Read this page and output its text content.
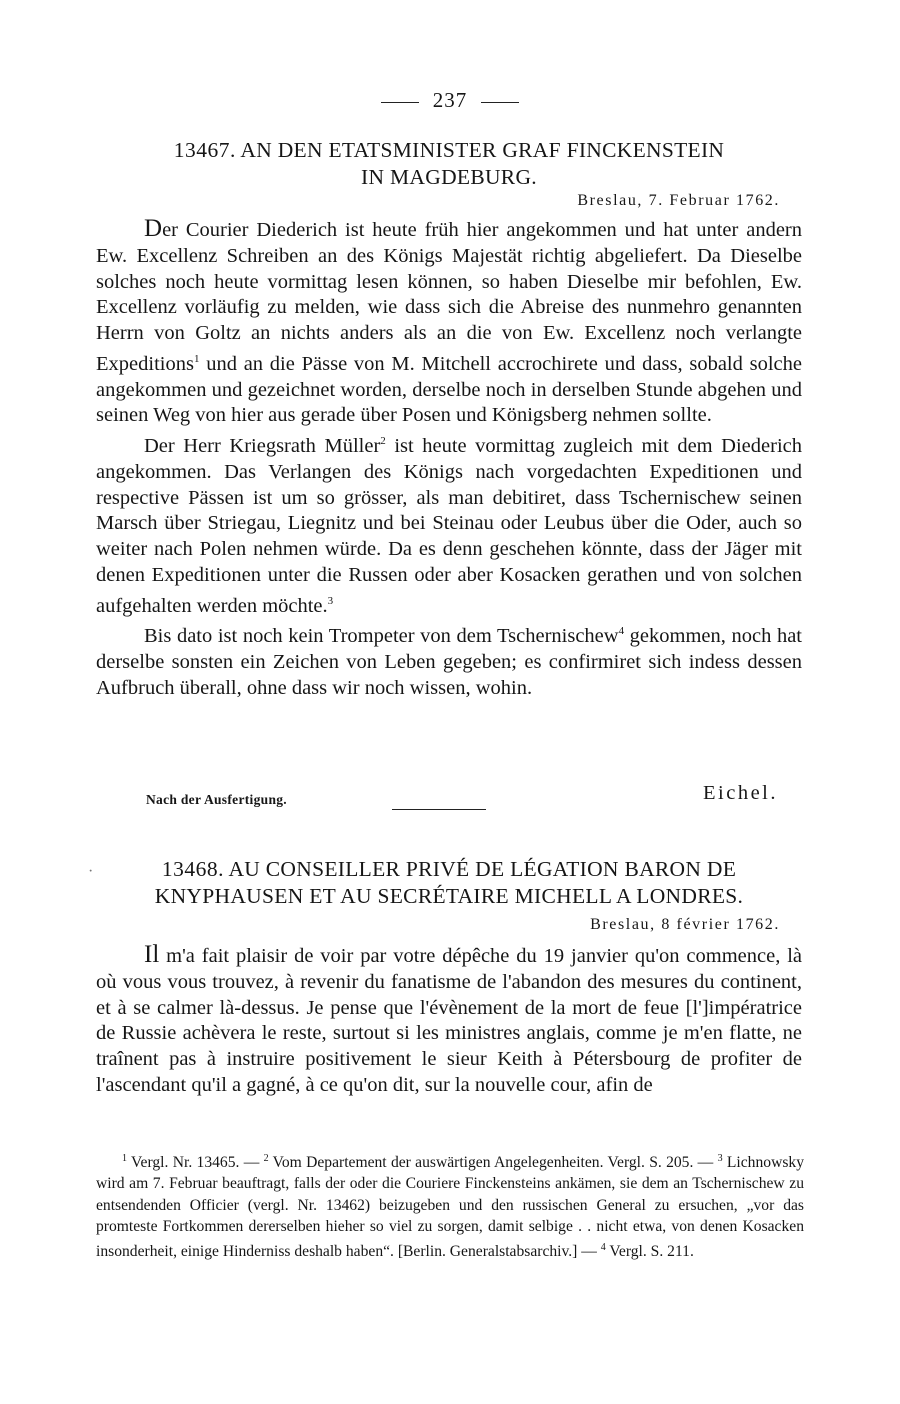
237
13467. AN DEN ETATSMINISTER GRAF FINCKENSTEIN
IN MAGDEBURG.
Breslau, 7. Februar 1762.

Der Courier Diederich ist heute früh hier angekommen und hat unter andern Ew. Excellenz Schreiben an des Königs Majestät richtig abgeliefert. Da Dieselbe solches noch heute vormittag lesen können, so haben Dieselbe mir befohlen, Ew. Excellenz vorläufig zu melden, wie dass sich die Abreise des nunmehro genannten Herrn von Goltz an nichts anders als an die von Ew. Excellenz noch verlangte Expeditions$^1$ und an die Pässe von M. Mitchell accrochirete und dass, sobald solche angekommen und gezeichnet worden, derselbe noch in derselben Stunde abgehen und seinen Weg von hier aus gerade über Posen und Königsberg nehmen sollte.

Der Herr Kriegsrath Müller$^2$ ist heute vormittag zugleich mit dem Diederich angekommen. Das Verlangen des Königs nach vorgedachten Expeditionen und respective Pässen ist um so grösser, als man debitiret, dass Tschernischew seinen Marsch über Striegau, Liegnitz und bei Steinau oder Leubus über die Oder, auch so weiter nach Polen nehmen würde. Da es denn geschehen könnte, dass der Jäger mit denen Expeditionen unter die Russen oder aber Kosacken gerathen und von solchen aufgehalten werden möchte.$^3$

Bis dato ist noch kein Trompeter von dem Tschernischew$^4$ gekommen, noch hat derselbe sonsten ein Zeichen von Leben gegeben; es confirmiret sich indess dessen Aufbruch überall, ohne dass wir noch wissen, wohin.

Nach der Ausfertigung.	Eichel.
·	13468. AU CONSEILLER PRIVÉ DE LÉGATION BARON DE
KNYPHAUSEN ET AU SECRÉTAIRE MICHELL A LONDRES.
Breslau, 8 février 1762.

Il m'a fait plaisir de voir par votre dépêche du 19 janvier qu'on commence, là où vous vous trouvez, à revenir du fanatisme de l'abandon des mesures du continent, et à se calmer là-dessus. Je pense que l'évènement de la mort de feue [l']impératrice de Russie achèvera le reste, surtout si les ministres anglais, comme je m'en flatte, ne traînent pas à instruire positivement le sieur Keith à Pétersbourg de profiter de l'ascendant qu'il a gagné, à ce qu'on dit, sur la nouvelle cour, afin de

$^1$ Vergl. Nr. 13465. — $^2$ Vom Departement der auswärtigen Angelegenheiten. Vergl. S. 205. — $^3$ Lichnowsky wird am 7. Februar beauftragt, falls der oder die Couriere Finckensteins ankämen, sie dem an Tschernischew zu entsendenden Officier (vergl. Nr. 13462) beizugeben und den russischen General zu ersuchen, „vor das promteste Fortkommen dererselben hieher so viel zu sorgen, damit selbige . . nicht etwa, von denen Kosacken insonderheit, einige Hinderniss deshalb haben“. [Berlin. Generalstabsarchiv.] — $^4$ Vergl. S. 211.
